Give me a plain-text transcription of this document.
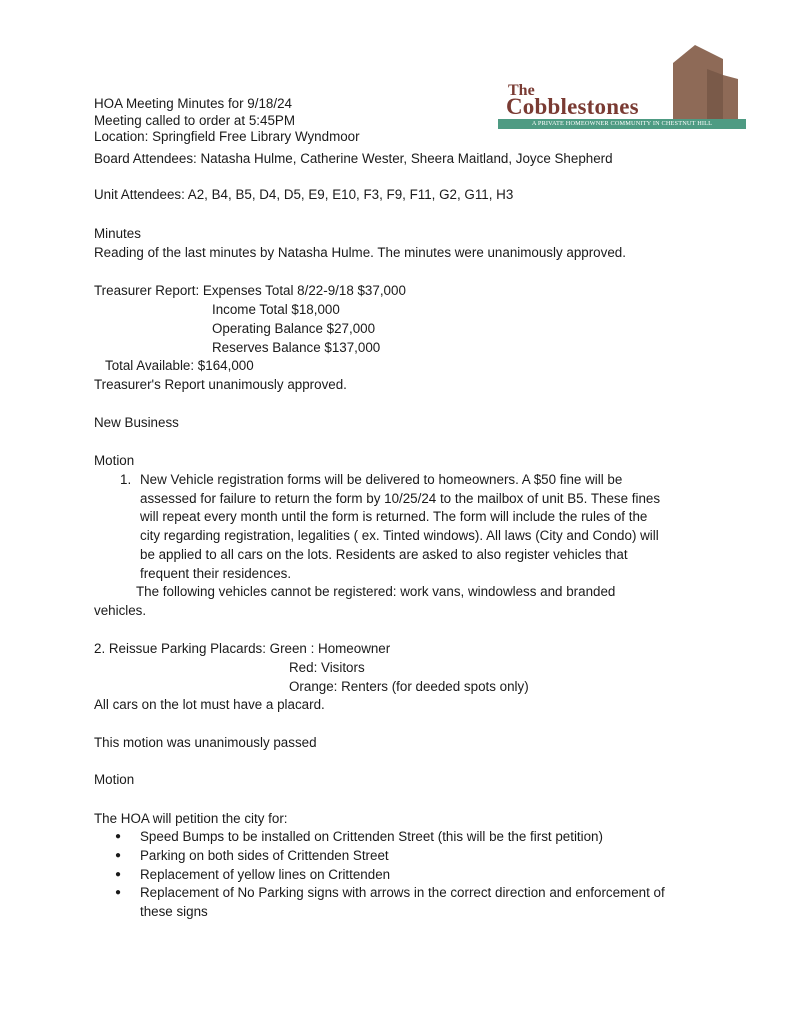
The
Cobblestones
A PRIVATE HOMEOWNER COMMUNITY IN CHESTNUT HILL
HOA Meeting Minutes for 9/18/24
Meeting called to order at 5:45PM
Location: Springfield Free Library Wyndmoor
Board Attendees: Natasha Hulme, Catherine Wester, Sheera Maitland, Joyce Shepherd
Unit Attendees: A2, B4, B5, D4, D5, E9, E10, F3, F9, F11, G2, G11, H3
Minutes
Reading of the last minutes by Natasha Hulme. The minutes were unanimously approved.
Treasurer Report: Expenses Total 8/22-9/18 $37,000
Income Total $18,000
Operating Balance $27,000
Reserves Balance $137,000
Total Available: $164,000
Treasurer's Report unanimously approved.
New Business
Motion
1. New Vehicle registration forms will be delivered to homeowners. A $50 fine will be
assessed for failure to return the form by 10/25/24 to the mailbox of unit B5. These fines
will repeat every month until the form is returned. The form will include the rules of the
city regarding registration, legalities ( ex. Tinted windows). All laws (City and Condo) will
be applied to all cars on the lots. Residents are asked to also register vehicles that
frequent their residences.
The following vehicles cannot be registered: work vans, windowless and branded
vehicles.
2. Reissue Parking Placards: Green : Homeowner
Red: Visitors
Orange: Renters (for deeded spots only)
All cars on the lot must have a placard.
This motion was unanimously passed
Motion
The HOA will petition the city for:
● Speed Bumps to be installed on Crittenden Street (this will be the first petition)
● Parking on both sides of Crittenden Street
● Replacement of yellow lines on Crittenden
● Replacement of No Parking signs with arrows in the correct direction and enforcement of
these signs
